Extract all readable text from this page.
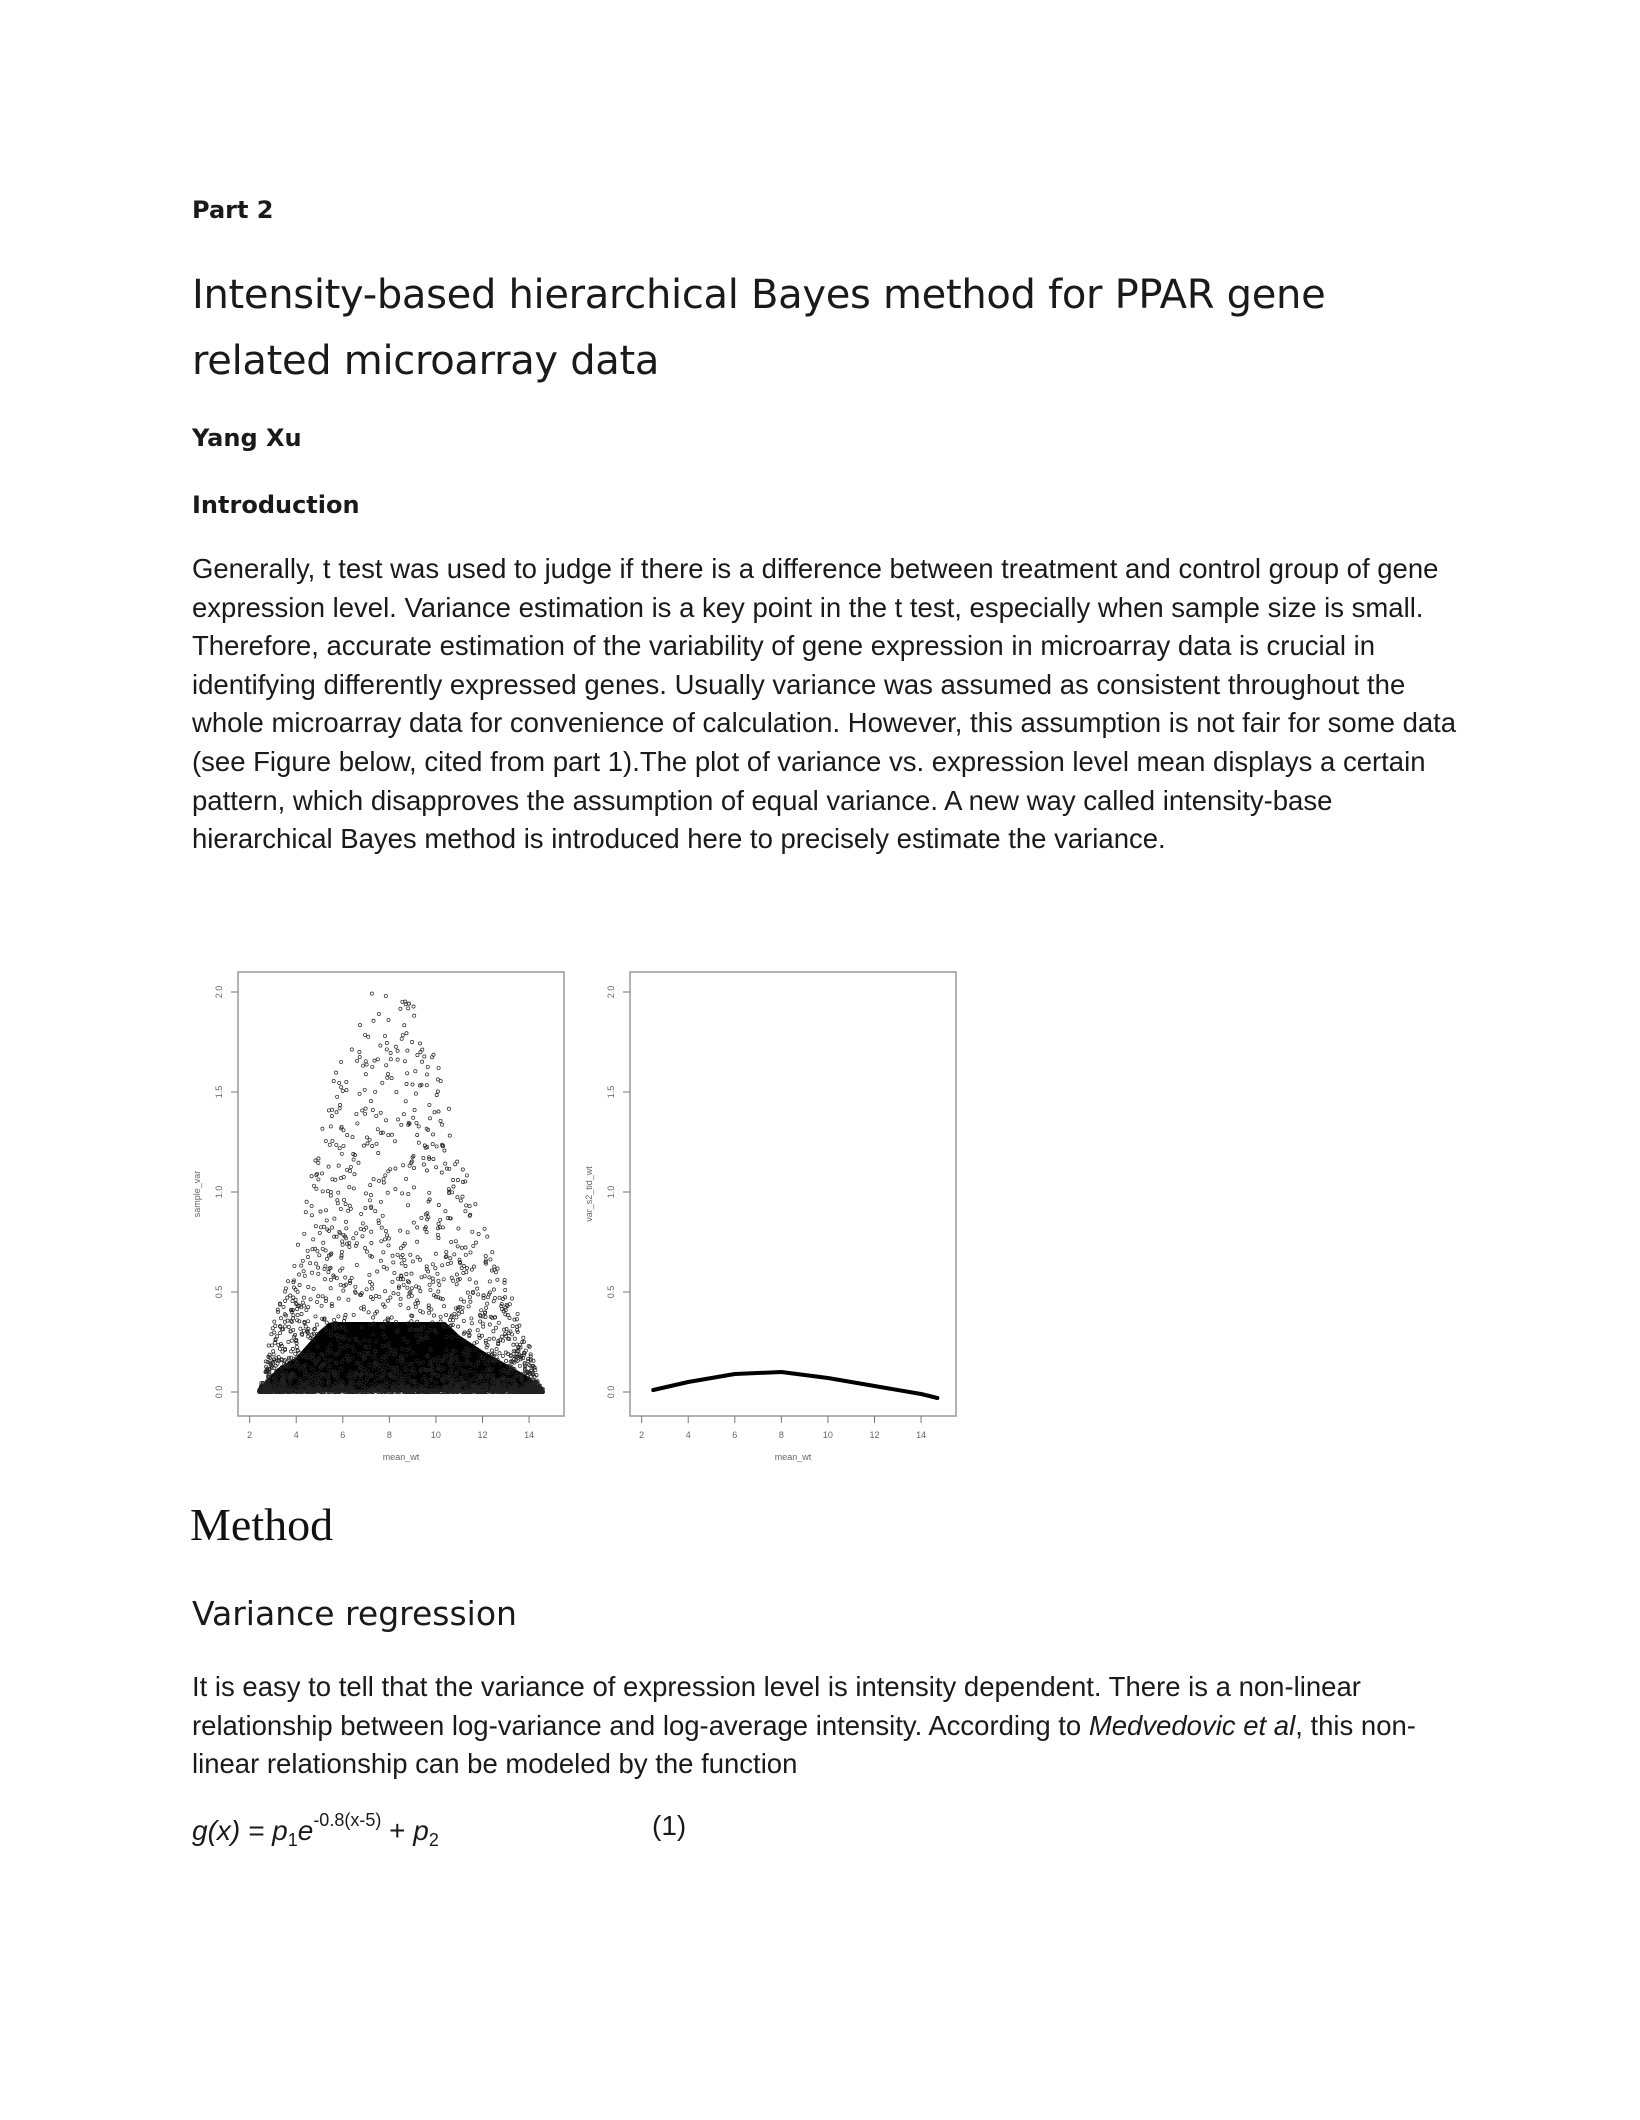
Part 2
Intensity-based hierarchical Bayes method for PPAR gene related microarray data
Yang Xu
Introduction

Generally, t test was used to judge if there is a difference between treatment and control group of gene expression level. Variance estimation is a key point in the t test, especially when sample size is small. Therefore, accurate estimation of the variability of gene expression in microarray data is crucial in identifying differently expressed genes. Usually variance was assumed as consistent throughout the whole microarray data for convenience of calculation. However, this assumption is not fair for some data (see Figure below, cited from part 1).The plot of variance vs. expression level mean displays a certain pattern, which disapproves the assumption of equal variance. A new way called intensity-base hierarchical Bayes method is introduced here to precisely estimate the variance.

2	4	6	8	10	12	14
0.0
0.5
1.0
1.5
2.0
mean_wt
sample_var
2	4	6	8	10	12	14
0.0
0.5
1.0
1.5
2.0
mean_wt
var_s2_tid_wt
Method
Variance regression

It is easy to tell that the variance of expression level is intensity dependent. There is a non-linear relationship between log-variance and log-average intensity. According to Medvedovic et al, this non-linear relationship can be modeled by the function

$g(x) = p_1e^{-0.8(x-5)} + p_2$	(1)
